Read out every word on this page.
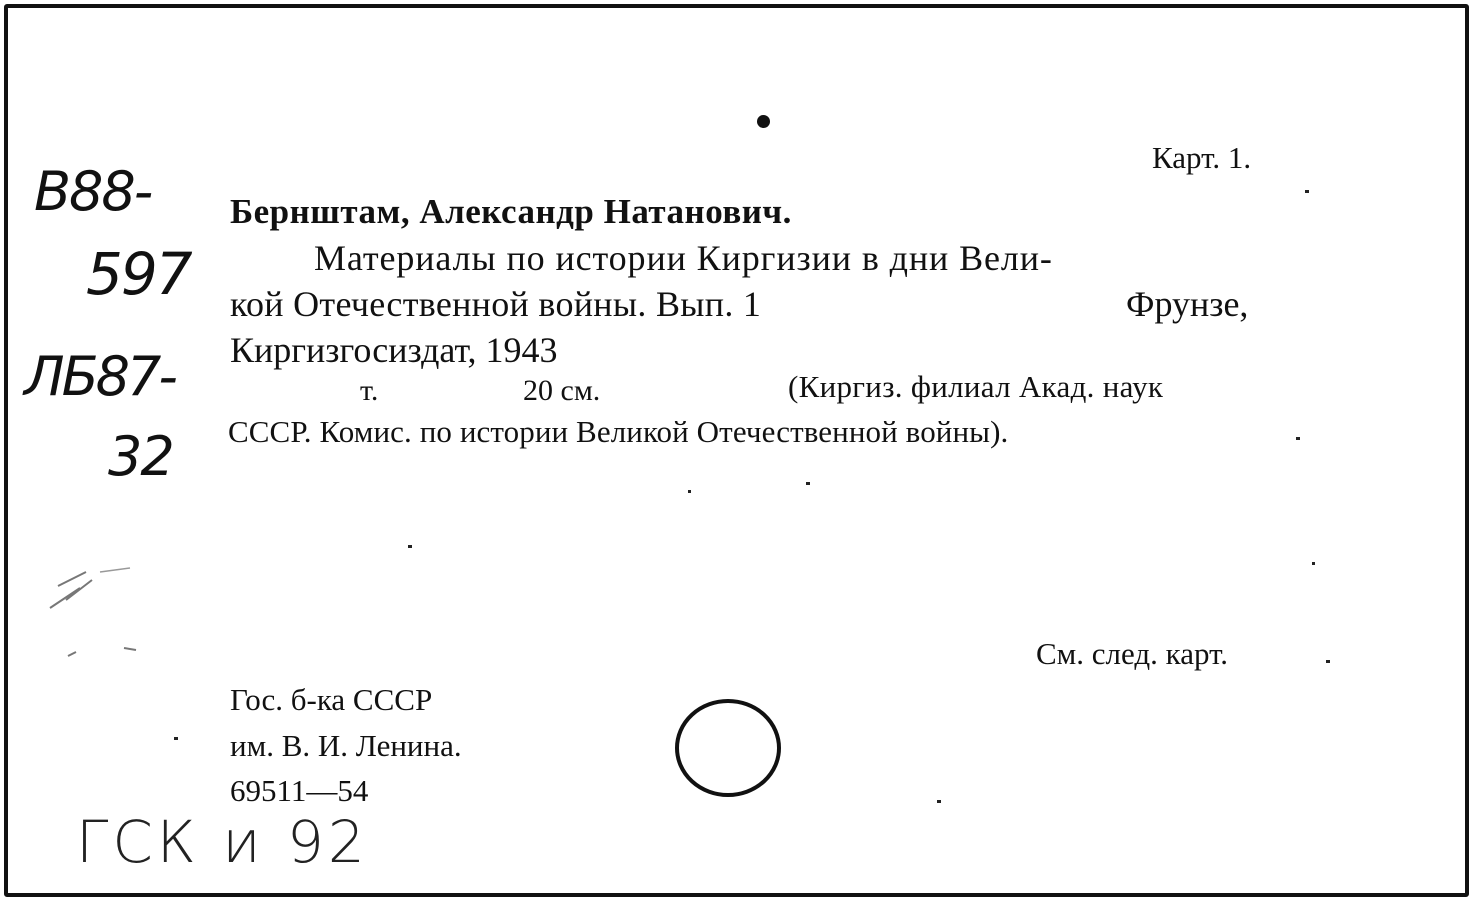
В88-
597
ЛБ87-
32
Карт. 1.
Бернштам, Александр Натанович.
Материалы по истории Киргизии в дни Вели-
кой Отечественной войны. Вып. 1	Фрунзе,
Киргизгосиздат, 1943
т.	20 см.	(Киргиз. филиал Акад. наук
СССР. Комис. по истории Великой Отечественной войны).
См. след. карт.
Гос. б-ка СССР
им. В. И. Ленина.
69511—54
ГСК и 92
